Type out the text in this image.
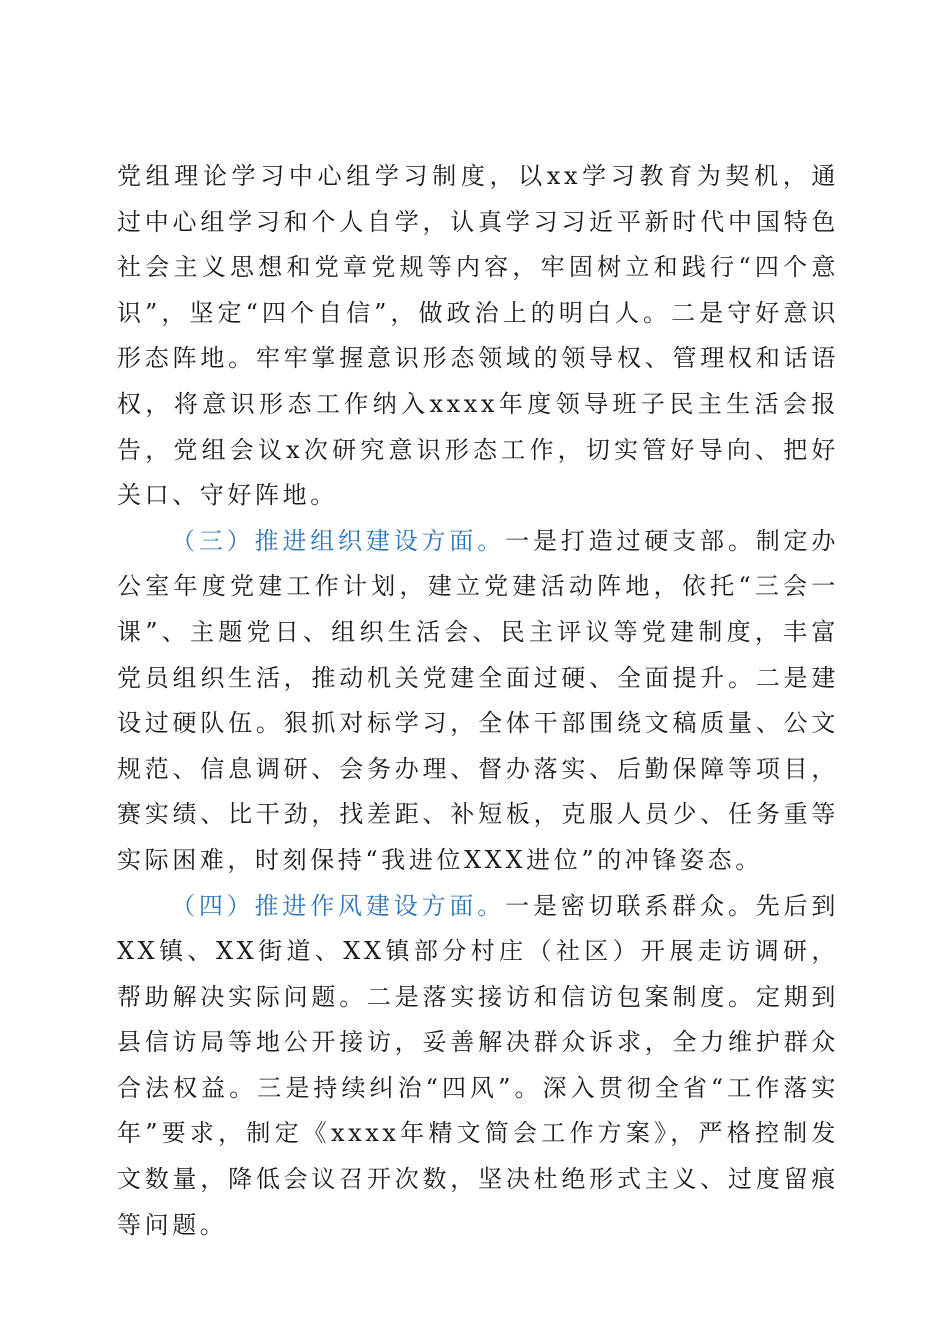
党组理论学习中心组学习制度，以xx学习教育为契机，通过中心组学习和个人自学，认真学习习近平新时代中国特色社会主义思想和党章党规等内容，牢固树立和践行“四个意识”，坚定“四个自信”，做政治上的明白人。二是守好意识形态阵地。牢牢掌握意识形态领域的领导权、管理权和话语权，将意识形态工作纳入xxxx年度领导班子民主生活会报告，党组会议x次研究意识形态工作，切实管好导向、把好关口、守好阵地。

（三）推进组织建设方面。一是打造过硬支部。制定办公室年度党建工作计划，建立党建活动阵地，依托“三会一课”、主题党日、组织生活会、民主评议等党建制度，丰富党员组织生活，推动机关党建全面过硬、全面提升。二是建设过硬队伍。狠抓对标学习，全体干部围绕文稿质量、公文规范、信息调研、会务办理、督办落实、后勤保障等项目，赛实绩、比干劲，找差距、补短板，克服人员少、任务重等实际困难，时刻保持“我进位XXX进位”的冲锋姿态。

（四）推进作风建设方面。一是密切联系群众。先后到XX镇、XX街道、XX镇部分村庄（社区）开展走访调研，帮助解决实际问题。二是落实接访和信访包案制度。定期到县信访局等地公开接访，妥善解决群众诉求，全力维护群众合法权益。三是持续纠治“四风”。深入贯彻全省“工作落实年”要求，制定《xxxx年精文简会工作方案》，严格控制发文数量，降低会议召开次数，坚决杜绝形式主义、过度留痕等问题。
